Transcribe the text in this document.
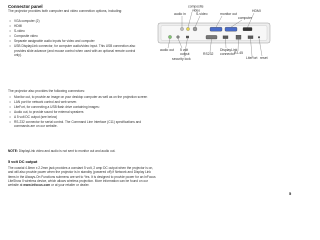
Connector panel
The projector provides both computer and video connection options, including:
• VGA computer (2)
• HDMI
• S-video
• Composite video
• Separate assignable audio inputs for video and computer
• USB DisplayLink connector, for computer audio/video input. This USB connection also provides slide advance (and mouse control when used with an optional remote control only).
The projector also provides the following connectors:
• Monitor out, to provide an image on your desktop computer as well as on the projection screen
• LAN port for network control and web server.
• LiteFort, for connecting a USB flash drive containing images:
• Audio out, to provide sound for external speakers
• A 5 volt DC output (see below)
• RS-232 connector for serial control. The Command Line Interface (C11) specifications and commands are on our website.
NOTE: DisplayLink video and audio is not sent to monitor out and audio out.
5 volt DC output
The coaxial 4.8mm x 2.2mm jack provides a constant 5 volt, 2 amp DC output when the projector is on, and will also provide power when the projector is in standby (powered off) if Network and Display Link items in the Always-On Functions submenu are set to Yes. It is designed to provide power for an InFocus LiteShow II wireless device, which allows wireless projection. More information can be found on our website at www.infocus.com or at your retailer or dealer.
composite
video
audio in	S-video	monitor out
HDMI
computer
audio out 5 volt
output
security lock
RS232
DisplayLink
connector RJ-45
LiteFort reset
5
